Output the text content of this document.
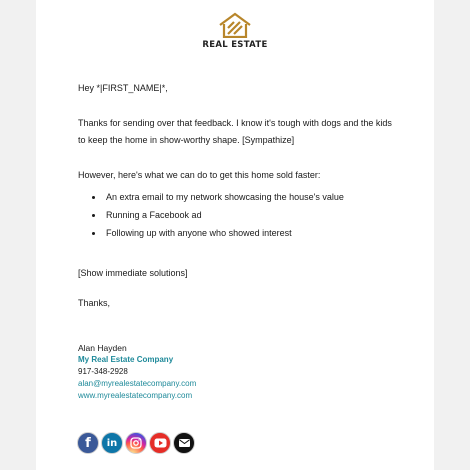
REAL ESTATE

Hey *|FIRST_NAME|*,

Thanks for sending over that feedback. I know it's tough with dogs and the kids to keep the home in show-worthy shape. [Sympathize]

However, here's what we can do to get this home sold faster:

• An extra email to my network showcasing the house's value
• Running a Facebook ad
• Following up with anyone who showed interest

[Show immediate solutions]

Thanks,

Alan Hayden
My Real Estate Company
917-348-2928
alan@myrealestatecompany.com
www.myrealestatecompany.com
f in
